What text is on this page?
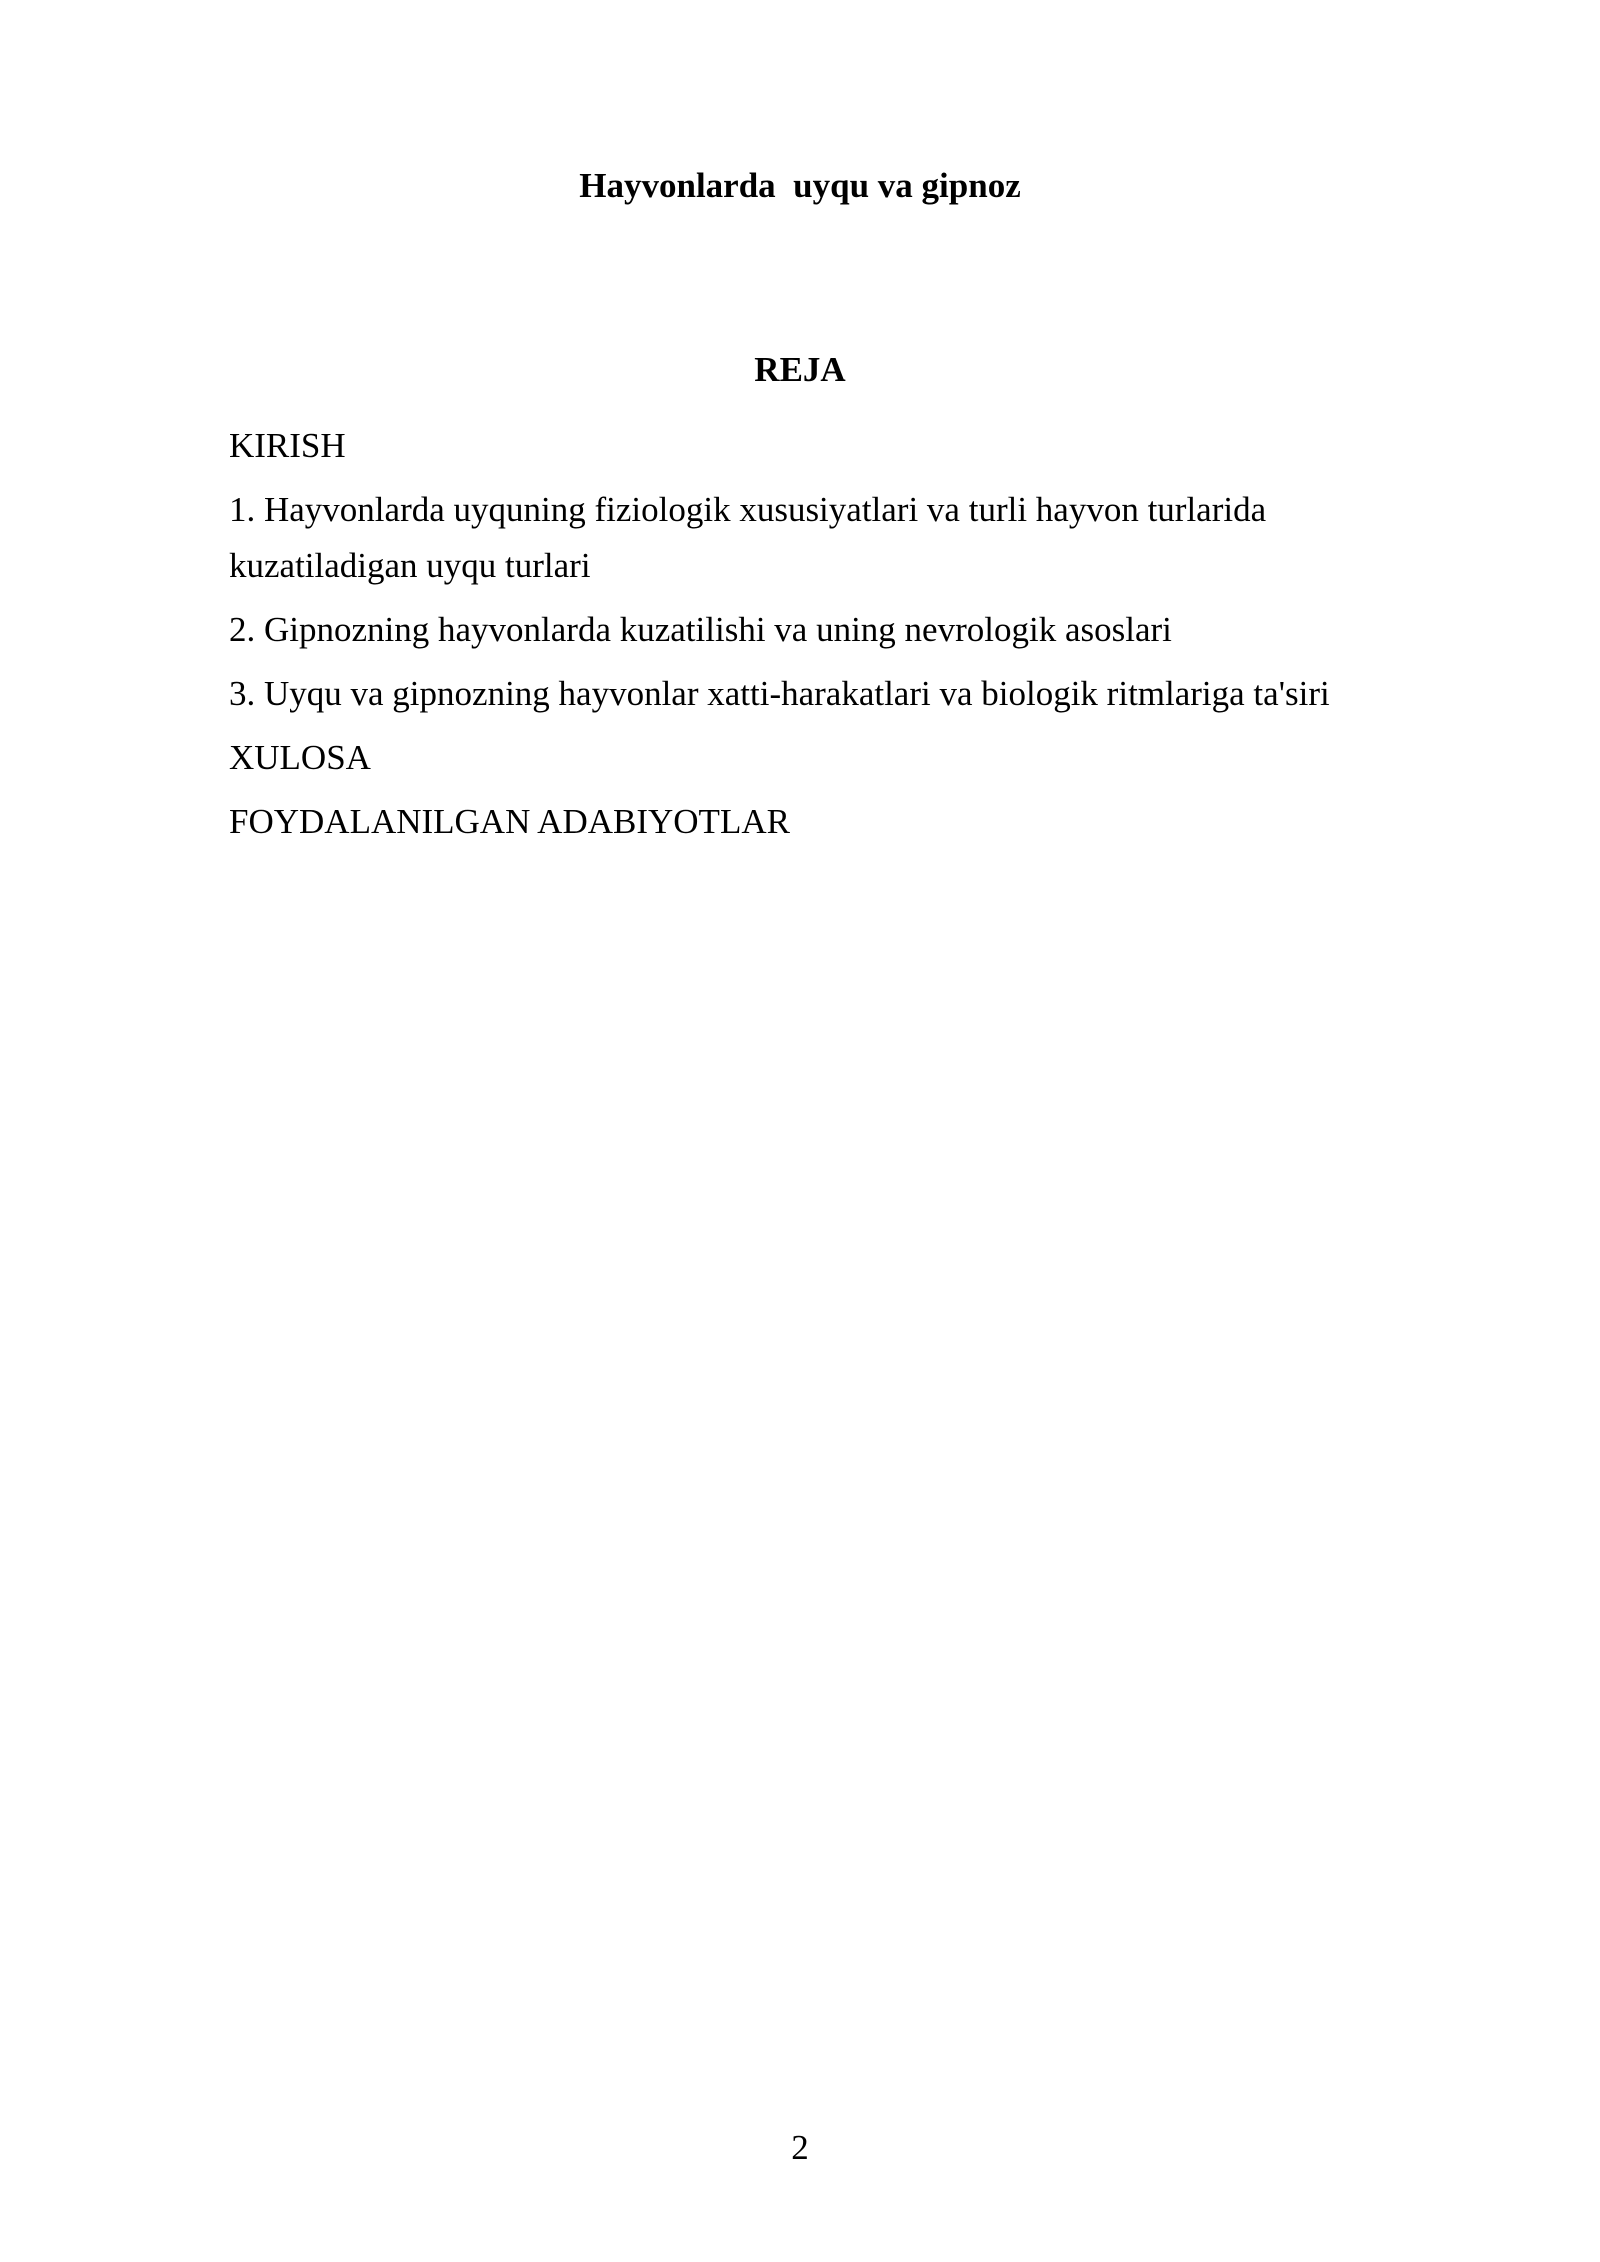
Hayvonlarda  uyqu va gipnoz
REJA
KIRISH
1. Hayvonlarda uyquning fiziologik xususiyatlari va turli hayvon turlarida kuzatiladigan uyqu turlari
2. Gipnozning hayvonlarda kuzatilishi va uning nevrologik asoslari
3. Uyqu va gipnozning hayvonlar xatti-harakatlari va biologik ritmlariga ta'siri
XULOSA
FOYDALANILGAN ADABIYOTLAR
2
